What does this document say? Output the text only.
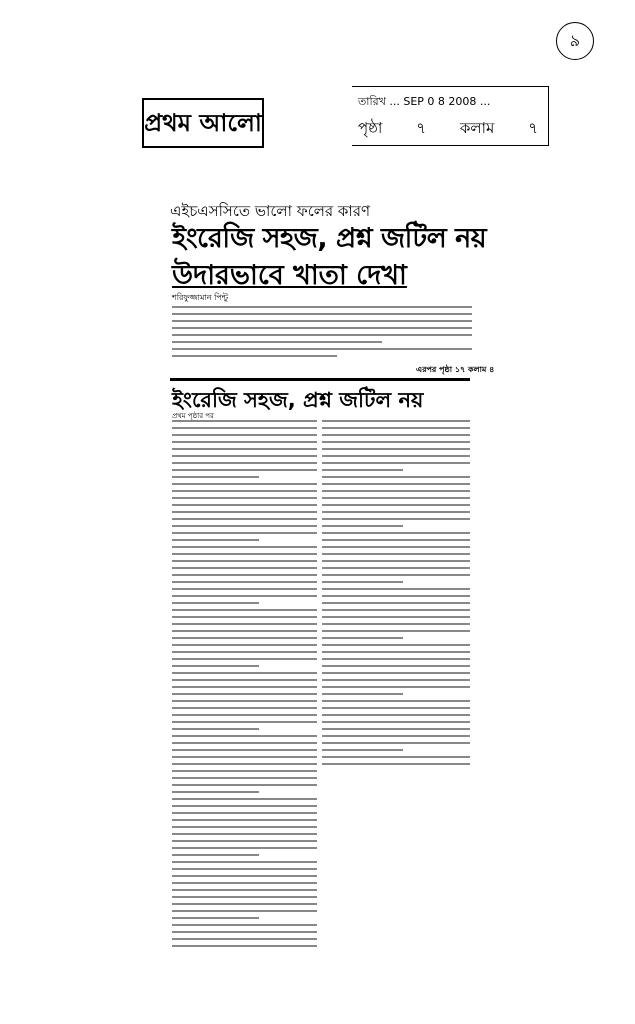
৯
প্রথম আলো
তারিখ ... SEP 0 8 2008 ...
পৃষ্ঠা ৭ কলাম ৭
এইচএসসিতে ভালো ফলের কারণ
ইংরেজি সহজ, প্রশ্ন জটিল নয়
উদারভাবে খাতা দেখা
শরিফুজ্জামান পিন্টু
এরপর পৃষ্ঠা ১৭ কলাম ৪
ইংরেজি সহজ, প্রশ্ন জটিল নয়
প্রথম পৃষ্ঠার পর
